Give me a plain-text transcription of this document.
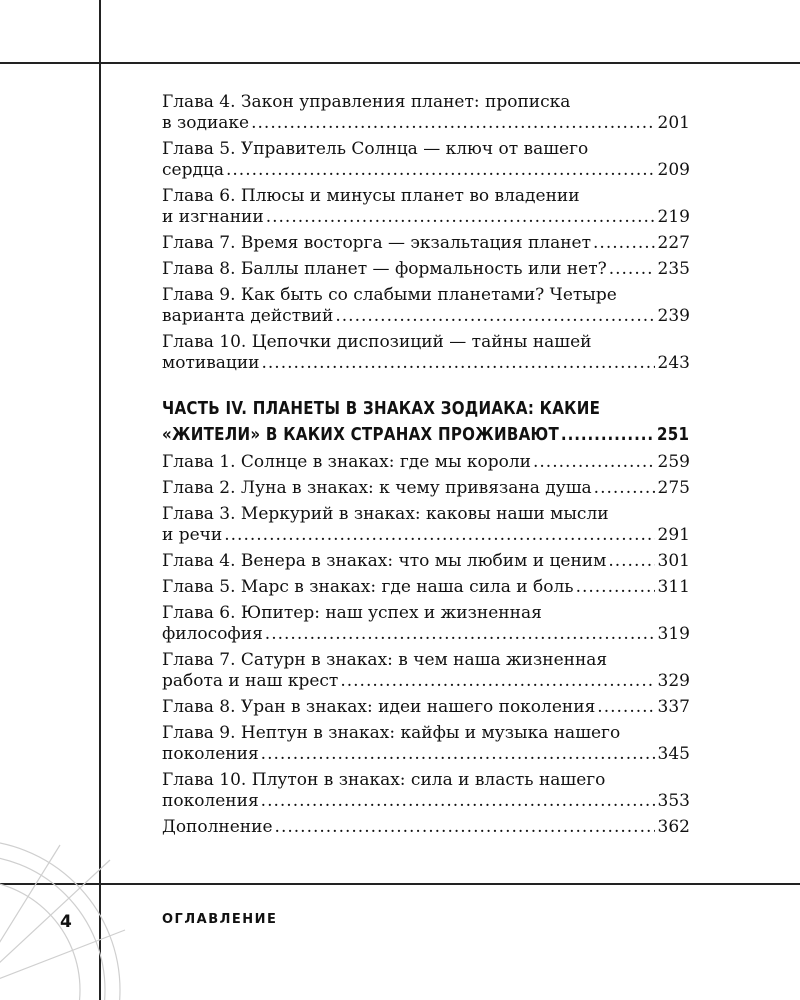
Глава 4. Закон управления планет: прописка
в зодиаке .....	201
Глава 5. Управитель Солнца — ключ от вашего
сердца .....	209
Глава 6. Плюсы и минусы планет во владении
и изгнании .....	219
Глава 7. Время восторга — экзальтация планет .....	227
Глава 8. Баллы планет — формальность или нет? .....	235
Глава 9. Как быть со слабыми планетами? Четыре
варианта действий .....	239
Глава 10. Цепочки диспозиций — тайны нашей
мотивации .....	243
ЧАСТЬ IV. ПЛАНЕТЫ В ЗНАКАХ ЗОДИАКА: КАКИЕ
«ЖИТЕЛИ» В КАКИХ СТРАНАХ ПРОЖИВАЮТ .....	251
Глава 1. Солнце в знаках: где мы короли .....	259
Глава 2. Луна в знаках: к чему привязана душа .....	275
Глава 3. Меркурий в знаках: каковы наши мысли
и речи .....	291
Глава 4. Венера в знаках: что мы любим и ценим .....	301
Глава 5. Марс в знаках: где наша сила и боль .....	311
Глава 6. Юпитер: наш успех и жизненная
философия .....	319
Глава 7. Сатурн в знаках: в чем наша жизненная
работа и наш крест .....	329
Глава 8. Уран в знаках: идеи нашего поколения .....	337
Глава 9. Нептун в знаках: кайфы и музыка нашего
поколения .....	345
Глава 10. Плутон в знаках: сила и власть нашего
поколения .....	353
Дополнение .....	362
4	ОГЛАВЛЕНИЕ
